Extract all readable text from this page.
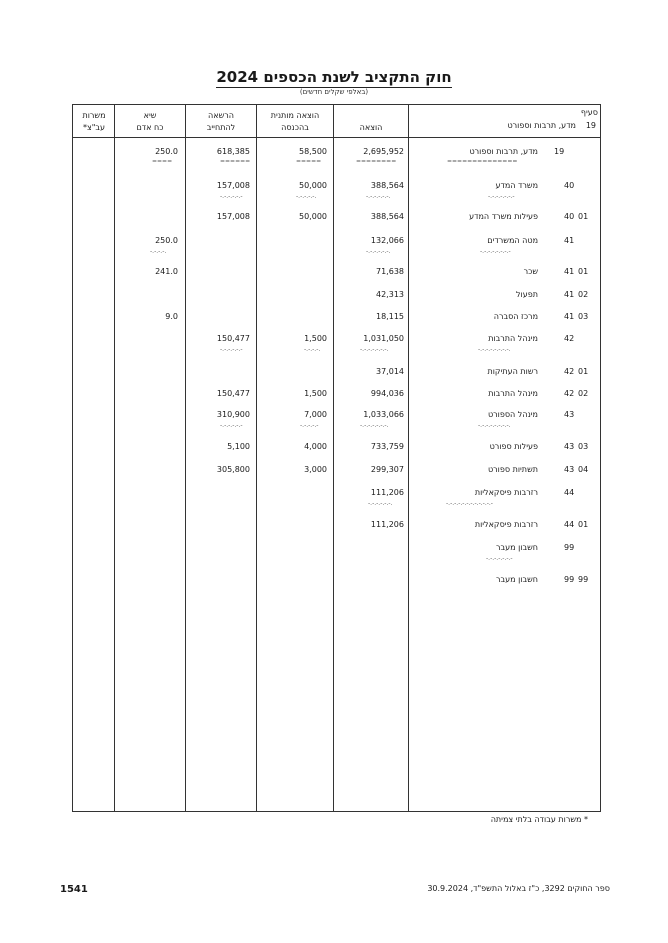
חוק התקציב לשנת הכספים 2024
(באלפי שקלים חדשים)
משרות
עב"צ*
שיא
כח אדם
הרשאה
להתחייב
הוצאה מותנית
בהכנסה	הוצאה
סעיף
19
מדע, תרבות וספורט
19
מדע, תרבות וספורט
==============
2,695,952
========
58,500
=====
618,385
======
250.0
====
40
משרד המדע
-.-.-.-.-.-.-
388,564
-.-.-.-.-.-.
50,000
-.-.-.-.-.
157,008
-.-.-.-.-.-
40 01
פעילות משרד המדע
388,564
50,000
157,008
41
מטה המשרדים
-.-.-.-.-.-.-.-
132,066
-.-.-.-.-.-.
250.0
-.-.-.-.
41 01
שכר
71,638
241.0
41 02
תפעול
42,313
41 03
מרכז הסברה
18,115
9.0
42
מינהל התרבות
-.-.-.-.-.-.-.-.
1,031,050
-.-.-.-.-.-.-.
1,500
-.-.-.-.
150,477
-.-.-.-.-.-
42 01
רשות העתיקות
37,014
42 02
מינהל התרבות
994,036
1,500
150,477
43
מינהל הספורט
-.-.-.-.-.-.-.-.
1,033,066
-.-.-.-.-.-.-.
7,000
-.-.-.-.-
310,900
-.-.-.-.-.-
43 03
פעילות ספורט
733,759
4,000
5,100
43 04
תשתיות ספורט
299,307
3,000
305,800
44
רזרבות פיסקאליות
-.-.-.-.-.-.-.-.-.-.-.-
111,206
-.-.-.-.-.-.
44 01
רזרבות פיסקאליות
111,206
99
חשבון מעבר
-.-.-.-.-.-.-
99 99
חשבון מעבר
* משרות עבודה בלתי צמיתה
1541	ספר החוקים 3292, כ"ז באלול התשפ"ד, 30.9.2024
